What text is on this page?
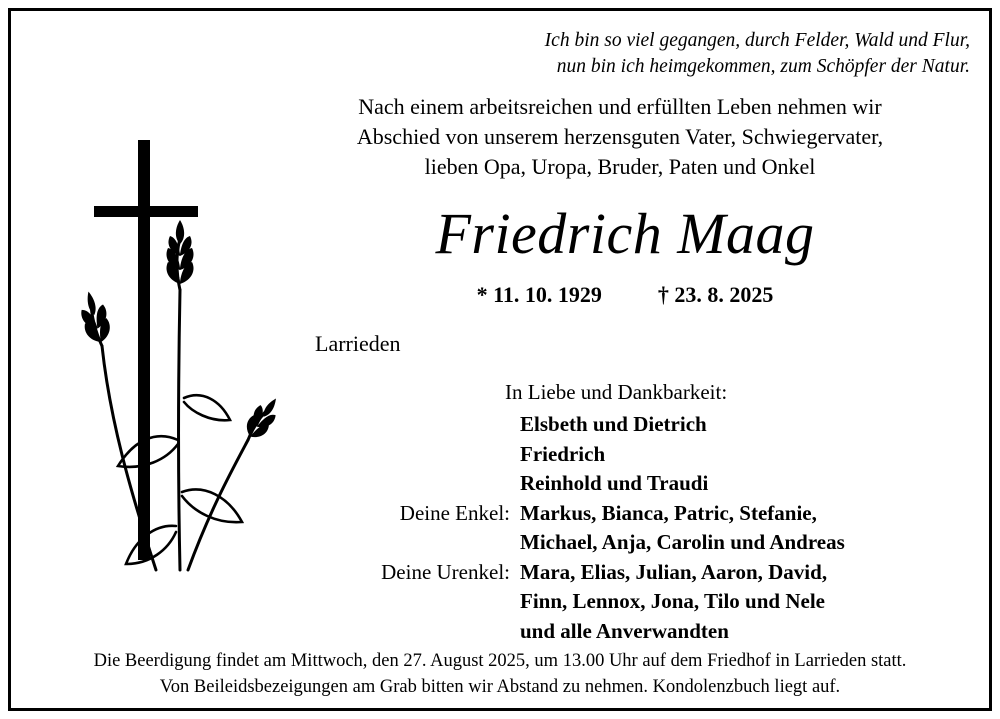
Ich bin so viel gegangen, durch Felder, Wald und Flur,
nun bin ich heimgekommen, zum Schöpfer der Natur.
Nach einem arbeitsreichen und erfüllten Leben nehmen wir
Abschied von unserem herzensguten Vater, Schwiegervater,
lieben Opa, Uropa, Bruder, Paten und Onkel
Friedrich Maag
* 11. 10. 1929	† 23. 8. 2025
Larrieden
In Liebe und Dankbarkeit:
Elsbeth und Dietrich
Friedrich
Reinhold und Traudi
Deine Enkel: Markus, Bianca, Patric, Stefanie,
Michael, Anja, Carolin und Andreas
Deine Urenkel: Mara, Elias, Julian, Aaron, David,
Finn, Lennox, Jona, Tilo und Nele
und alle Anverwandten
Die Beerdigung findet am Mittwoch, den 27. August 2025, um 13.00 Uhr auf dem Friedhof in Larrieden statt.
Von Beileidsbezeigungen am Grab bitten wir Abstand zu nehmen. Kondolenzbuch liegt auf.
